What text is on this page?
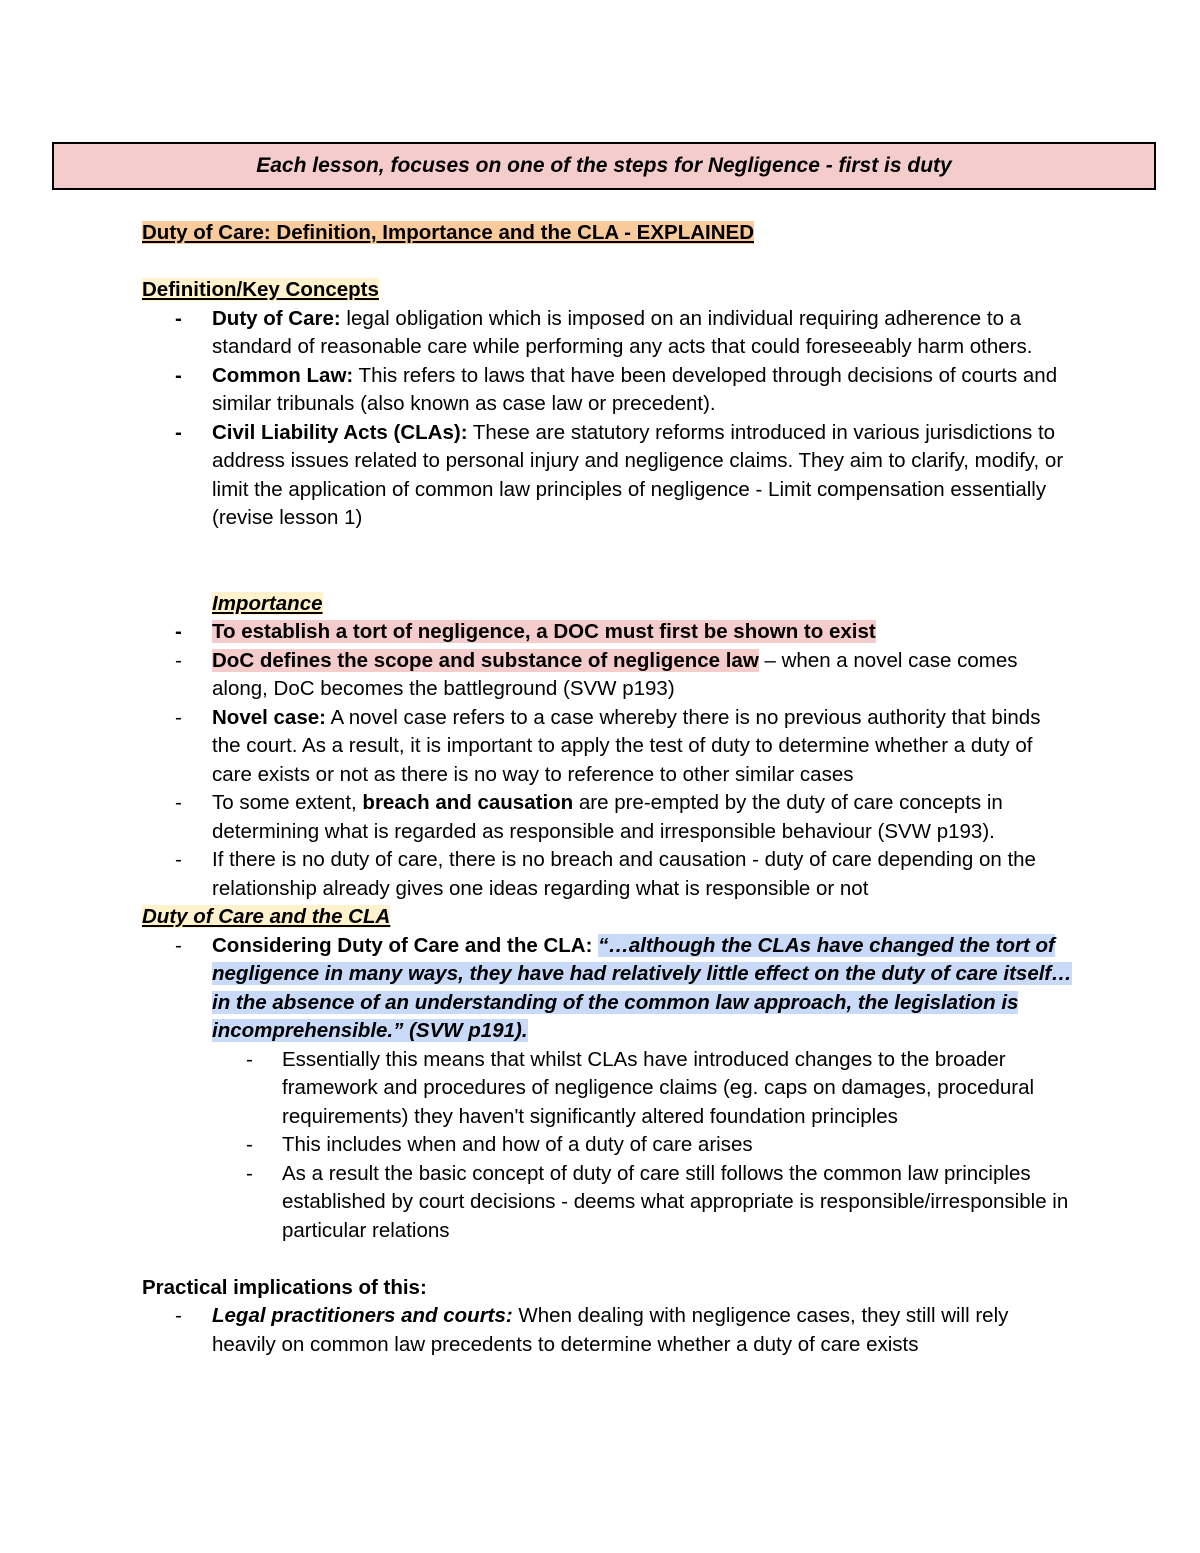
Each lesson, focuses on one of the steps for Negligence - first is duty
Duty of Care: Definition, Importance and the CLA - EXPLAINED
Definition/Key Concepts
- Duty of Care: legal obligation which is imposed on an individual requiring adherence to a standard of reasonable care while performing any acts that could foreseeably harm others.
- Common Law: This refers to laws that have been developed through decisions of courts and similar tribunals (also known as case law or precedent).
- Civil Liability Acts (CLAs): These are statutory reforms introduced in various jurisdictions to address issues related to personal injury and negligence claims. They aim to clarify, modify, or limit the application of common law principles of negligence - Limit compensation essentially (revise lesson 1)
Importance
- To establish a tort of negligence, a DOC must first be shown to exist
- DoC defines the scope and substance of negligence law – when a novel case comes along, DoC becomes the battleground (SVW p193)
- Novel case: A novel case refers to a case whereby there is no previous authority that binds the court. As a result, it is important to apply the test of duty to determine whether a duty of care exists or not as there is no way to reference to other similar cases
- To some extent, breach and causation are pre-empted by the duty of care concepts in determining what is regarded as responsible and irresponsible behaviour (SVW p193).
- If there is no duty of care, there is no breach and causation - duty of care depending on the relationship already gives one ideas regarding what is responsible or not
Duty of Care and the CLA
- Considering Duty of Care and the CLA: “…although the CLAs have changed the tort of negligence in many ways, they have had relatively little effect on the duty of care itself… in the absence of an understanding of the common law approach, the legislation is incomprehensible.” (SVW p191).
- Essentially this means that whilst CLAs have introduced changes to the broader framework and procedures of negligence claims (eg. caps on damages, procedural requirements) they haven't significantly altered foundation principles
- This includes when and how of a duty of care arises
- As a result the basic concept of duty of care still follows the common law principles established by court decisions - deems what appropriate is responsible/irresponsible in particular relations
Practical implications of this:
- Legal practitioners and courts: When dealing with negligence cases, they still will rely heavily on common law precedents to determine whether a duty of care exists
